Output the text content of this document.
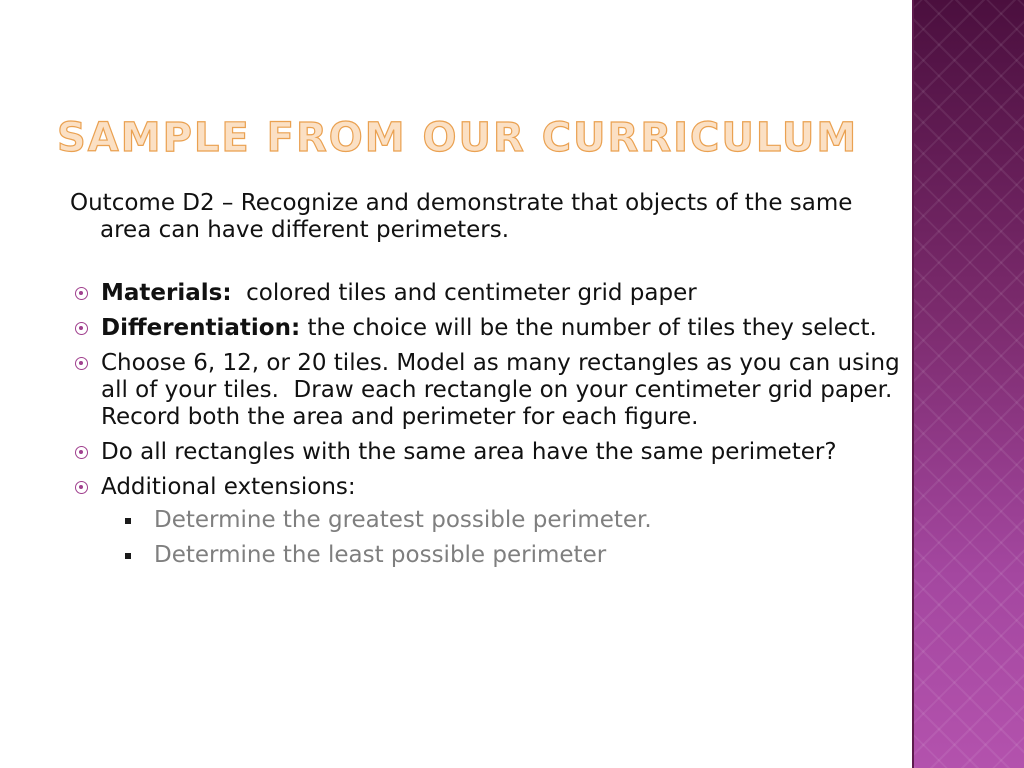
SAMPLE FROM OUR CURRICULUM

Outcome D2 – Recognize and demonstrate that objects of the same area can have different perimeters.

Materials:  colored tiles and centimeter grid paper
Differentiation: the choice will be the number of tiles they select.
Choose 6, 12, or 20 tiles. Model as many rectangles as you can using all of your tiles.  Draw each rectangle on your centimeter grid paper. Record both the area and perimeter for each figure.
Do all rectangles with the same area have the same perimeter?
Additional extensions:
Determine the greatest possible perimeter.
Determine the least possible perimeter
